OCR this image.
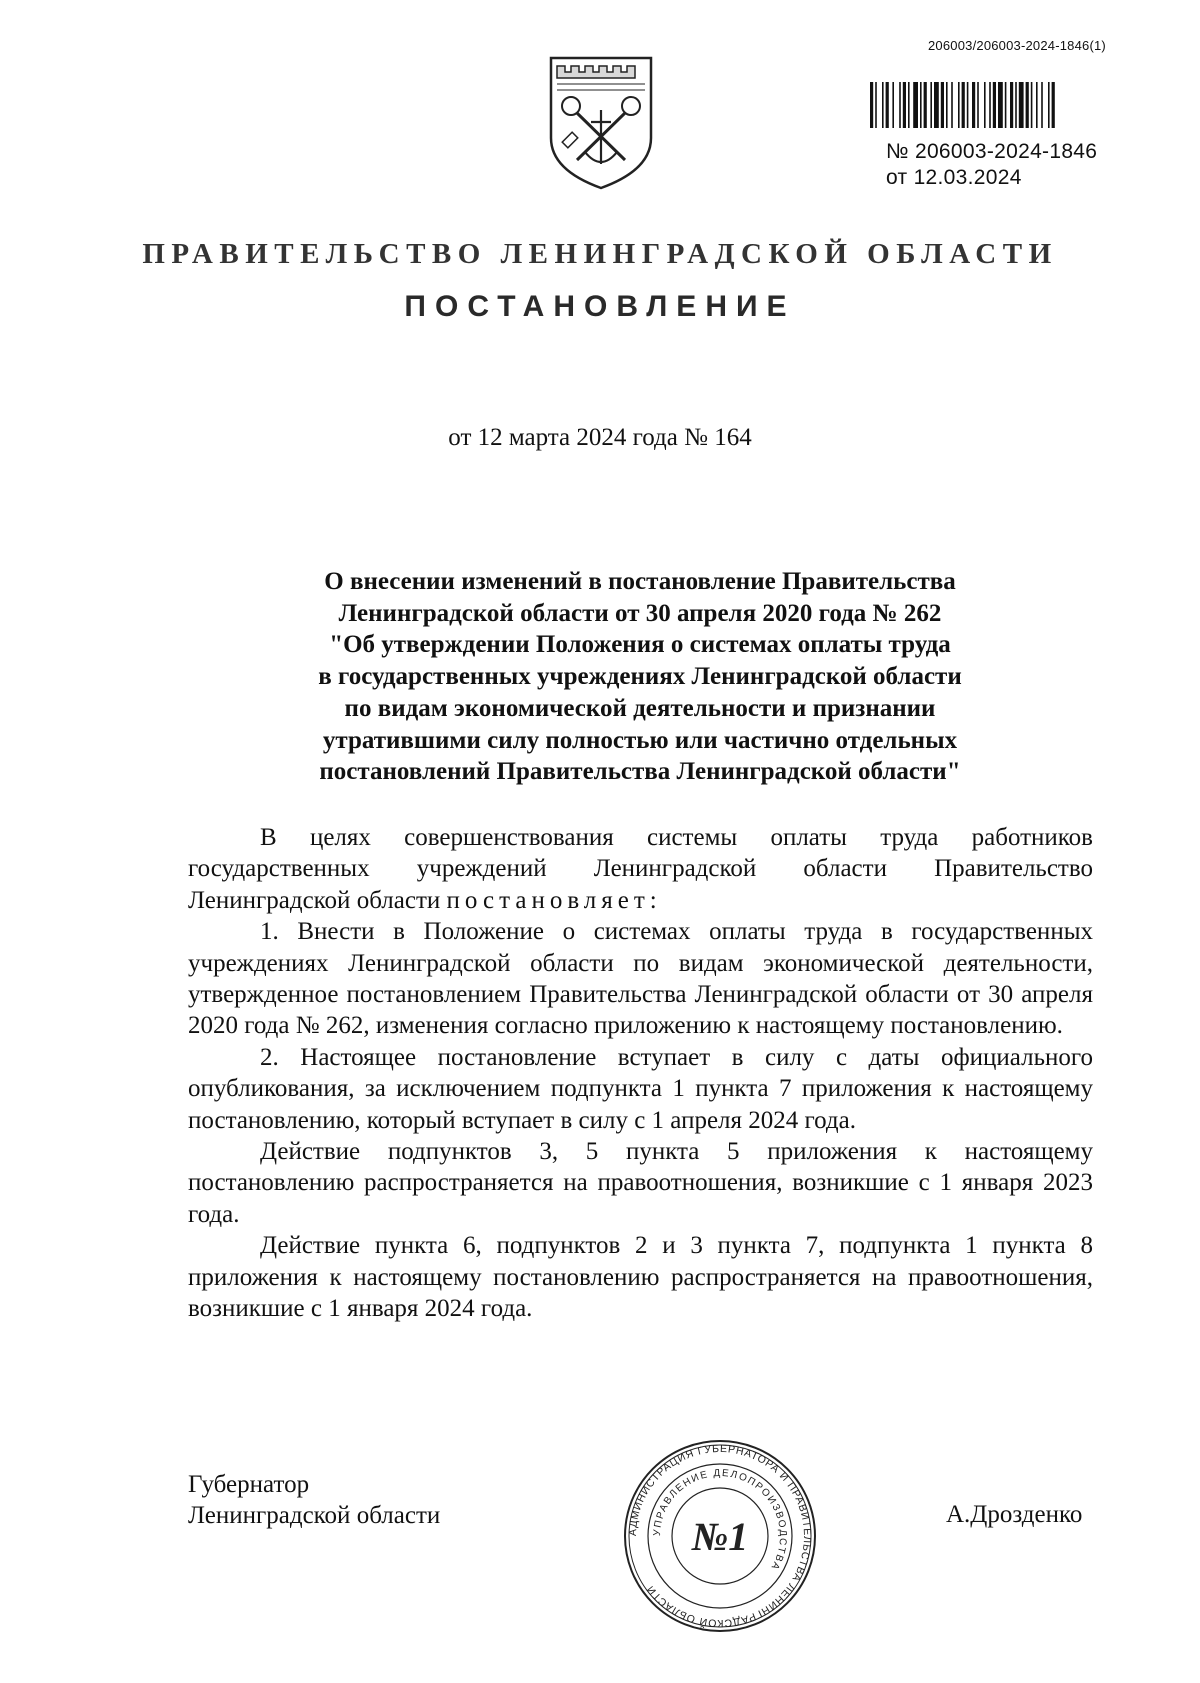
206003/206003-2024-1846(1)
№ 206003-2024-1846
от 12.03.2024
ПРАВИТЕЛЬСТВО ЛЕНИНГРАДСКОЙ ОБЛАСТИ
ПОСТАНОВЛЕНИЕ
от 12 марта 2024 года № 164
О внесении изменений в постановление Правительства
Ленинградской области от 30 апреля 2020 года № 262
"Об утверждении Положения о системах оплаты труда
в государственных учреждениях Ленинградской области
по видам экономической деятельности и признании
утратившими силу полностью или частично отдельных
постановлений Правительства Ленинградской области"

В целях совершенствования системы оплаты труда работников государственных учреждений Ленинградской области Правительство Ленинградской области постановляет:

1. Внести в Положение о системах оплаты труда в государственных учреждениях Ленинградской области по видам экономической деятельности, утвержденное постановлением Правительства Ленинградской области от 30 апреля 2020 года № 262, изменения согласно приложению к настоящему постановлению.

2. Настоящее постановление вступает в силу с даты официального опубликования, за исключением подпункта 1 пункта 7 приложения к настоящему постановлению, который вступает в силу с 1 апреля 2024 года.

Действие подпунктов 3, 5 пункта 5 приложения к настоящему постановлению распространяется на правоотношения, возникшие с 1 января 2023 года.

Действие пункта 6, подпунктов 2 и 3 пункта 7, подпункта 1 пункта 8 приложения к настоящему постановлению распространяется на правоотношения, возникшие с 1 января 2024 года.

Губернатор
Ленинградской области	А.Дрозденко
АДМИНИСТРАЦИЯ ГУБЕРНАТОРА И ПРАВИТЕЛЬСТВА ЛЕНИНГРАДСКОЙ ОБЛАСТИ
УПРАВЛЕНИЕ ДЕЛОПРОИЗВОДСТВА
№1
